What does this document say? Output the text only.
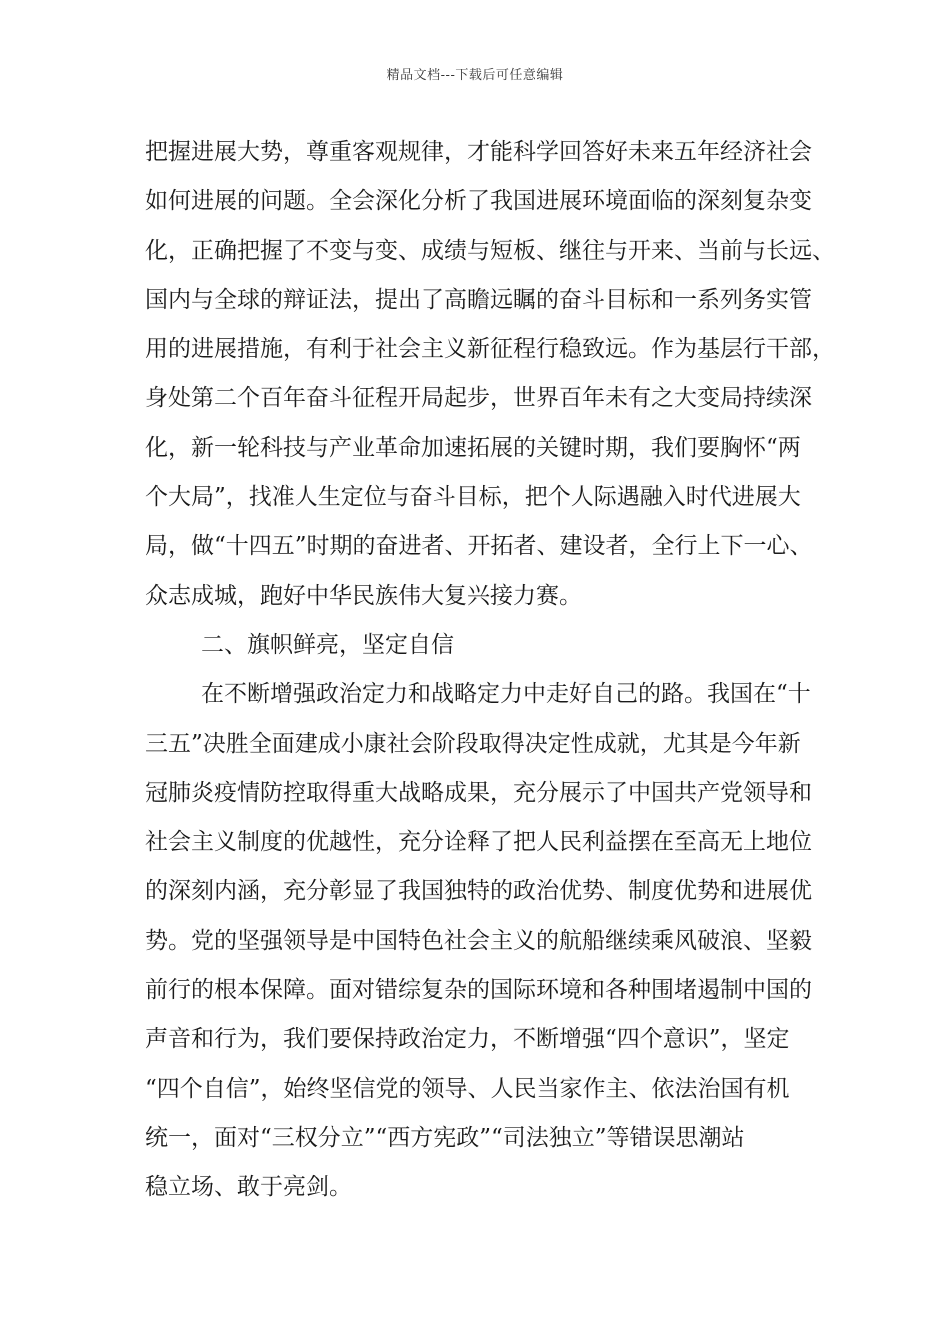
精品文档---下载后可任意编辑
把握进展大势，尊重客观规律，才能科学回答好未来五年经济社会
如何进展的问题。全会深化分析了我国进展环境面临的深刻复杂变
化，正确把握了不变与变、成绩与短板、继往与开来、当前与长远、
国内与全球的辩证法，提出了高瞻远瞩的奋斗目标和一系列务实管
用的进展措施，有利于社会主义新征程行稳致远。作为基层行干部，
身处第二个百年奋斗征程开局起步，世界百年未有之大变局持续深
化，新一轮科技与产业革命加速拓展的关键时期，我们要胸怀“两
个大局”，找准人生定位与奋斗目标，把个人际遇融入时代进展大
局，做“十四五”时期的奋进者、开拓者、建设者，全行上下一心、
众志成城，跑好中华民族伟大复兴接力赛。
二、旗帜鲜亮，坚定自信
在不断增强政治定力和战略定力中走好自己的路。我国在“十
三五”决胜全面建成小康社会阶段取得决定性成就，尤其是今年新
冠肺炎疫情防控取得重大战略成果，充分展示了中国共产党领导和
社会主义制度的优越性，充分诠释了把人民利益摆在至高无上地位
的深刻内涵，充分彰显了我国独特的政治优势、制度优势和进展优
势。党的坚强领导是中国特色社会主义的航船继续乘风破浪、坚毅
前行的根本保障。面对错综复杂的国际环境和各种围堵遏制中国的
声音和行为，我们要保持政治定力，不断增强“四个意识”，坚定
“四个自信”，始终坚信党的领导、人民当家作主、依法治国有机
统一，面对“三权分立”“西方宪政”“司法独立”等错误思潮站
稳立场、敢于亮剑。
